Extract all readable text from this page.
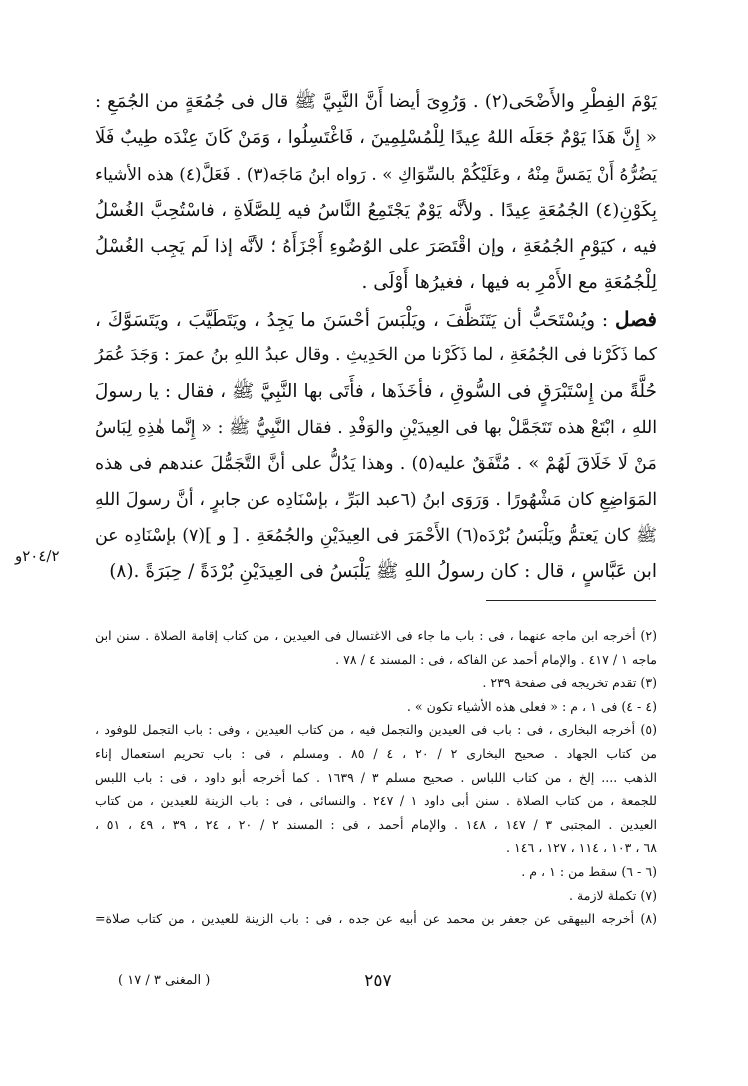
يَوْمَ الفِطْرِ والأَضْحَى(٢) . وَرُوِىَ أيضا أَنَّ النَّبِيَّ ﷺ قال فى جُمُعَةٍ من الجُمَعِ :
« إِنَّ هَذَا يَوْمٌ جَعَلَه اللهُ عِيدًا لِلْمُسْلِمِينَ ، فَاغْتَسِلُوا ، وَمَنْ كَانَ عِنْدَه طِيبٌ فَلَا
يَضُرُّهُ أَنْ يَمَسَّ مِنْهُ ، وعَلَيْكُمْ بالسِّوَاكِ » . رَواه ابنُ مَاجَه(٣) . فَعَلَّ(٤) هذه الأشياء
بِكَوْنِ(٤) الجُمُعَةِ عِيدًا . ولأنَّه يَوْمٌ يَجْتَمِعُ النَّاسُ فيه لِلصَّلَاةِ ، فاسْتُحِبَّ الغُسْلُ
فيه ، كيَوْمِ الجُمُعَةِ ، وإن اقْتَصَرَ على الوُضُوءِ أَجْزَأَهُ ؛ لأنَّه إذا لَم يَجِب الغُسْلُ
لِلْجُمُعَةِ مع الأَمْرِ به فيها ، فغيرُها أَوْلَى .
فصل : ويُسْتَحَبُّ أن يَتَنَظَّفَ ، ويَلْبَسَ أحْسَنَ ما يَجِدُ ، ويَتَطَيَّبَ ، ويَتَسَوَّكَ ،
كما ذَكَرْنا فى الجُمُعَةِ ، لما ذَكَرْنا من الحَدِيثِ . وقال عبدُ اللهِ بنُ عمرَ : وَجَدَ عُمَرُ
حُلَّةً من إِسْتَبْرَقٍ فى السُّوقِ ، فأخَذَها ، فأَتَى بها النَّبِيَّ ﷺ ، فقال : يا رسولَ
اللهِ ، ابْتَعْ هذه تَتَجَمَّلْ بها فى العِيدَيْنِ والوَفْدِ . فقال النَّبِيُّ ﷺ : « إِنَّما هٰذِهِ لِبَاسُ
مَنْ لَا خَلَاقَ لَهُمْ » . مُتَّفَقٌ عليه(٥) . وهذا يَدُلُّ على أنَّ التَّجَمُّلَ عندهم فى هذه
المَوَاضِعِ كان مَشْهُورًا . وَرَوَى ابنُ (٦عبد البَرِّ ، بإسْنَادِه عن جابرٍ ، أنَّ رسولَ اللهِ
ﷺ كان يَعتمُّ ويَلْبَسُ بُرْدَه(٦) الأَحْمَرَ فى العِيدَيْنِ والجُمُعَةِ . [ و ](٧) بإسْنَادِه عن
ابن عَبَّاسٍ ، قال : كان رسولُ اللهِ ﷺ يَلْبَسُ فى العِيدَيْنِ بُرْدَةً / حِبَرَةً .(٨)
٢٠٤/٢و
(٢) أخرجه ابن ماجه عنهما ، فى : باب ما جاء فى الاغتسال فى العيدين ، من كتاب إقامة الصلاة . سنن ابن
ماجه ١ / ٤١٧ . والإمام أحمد عن الفاكه ، فى : المسند ٤ / ٧٨ .
(٣) تقدم تخريجه فى صفحة ٢٣٩ .
(٤ - ٤) فى ١ ، م : « فعلى هذه الأشياء تكون » .
(٥) أخرجه البخارى ، فى : باب فى العيدين والتجمل فيه ، من كتاب العيدين ، وفى : باب التجمل للوفود ،
من كتاب الجهاد . صحيح البخارى ٢ / ٢٠ ، ٤ / ٨٥ . ومسلم ، فى : باب تحريم استعمال إناء
الذهب .... إلخ ، من كتاب اللباس . صحيح مسلم ٣ / ١٦٣٩ . كما أخرجه أبو داود ، فى : باب اللبس
للجمعة ، من كتاب الصلاة . سنن أبى داود ١ / ٢٤٧ . والنسائى ، فى : باب الزينة للعيدين ، من كتاب
العيدين . المجتبى ٣ / ١٤٧ ، ١٤٨ . والإمام أحمد ، فى : المسند ٢ / ٢٠ ، ٢٤ ، ٣٩ ، ٤٩ ، ٥١ ،
٦٨ ، ١٠٣ ، ١١٤ ، ١٢٧ ، ١٤٦ .
(٦ - ٦) سقط من : ١ ، م .
(٧) تكملة لازمة .
(٨) أخرجه البيهقى عن جعفر بن محمد عن أبيه عن جده ، فى : باب الزينة للعيدين ، من كتاب صلاة=
٢٥٧
( المغنى ٣ / ١٧ )
